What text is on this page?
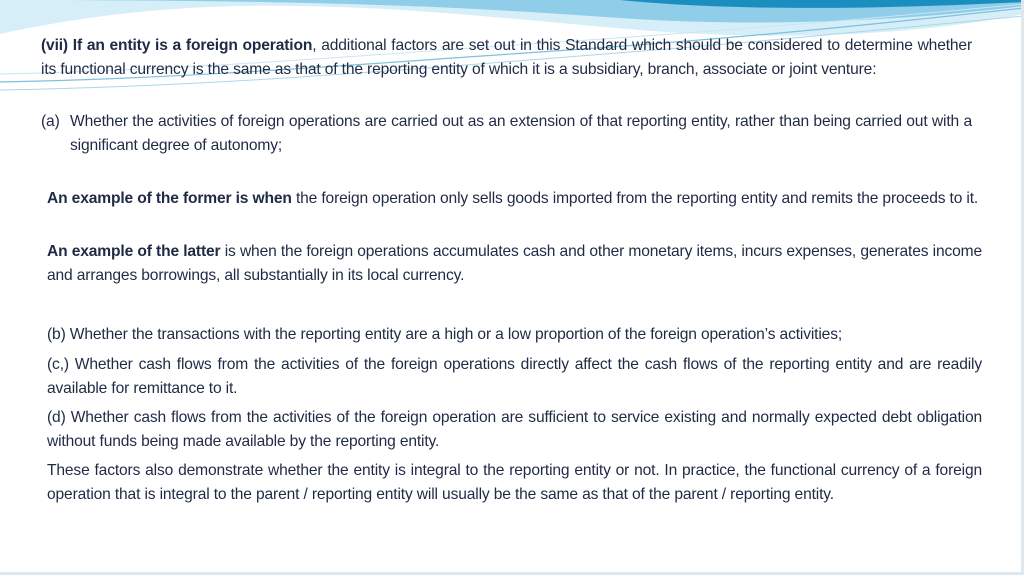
(vii) If an entity is a foreign operation, additional factors are set out in this Standard which should be considered to determine whether its functional currency is the same as that of the reporting entity of which it is a subsidiary, branch, associate or joint venture:

(a) Whether the activities of foreign operations are carried out as an extension of that reporting entity, rather than being carried out with a significant degree of autonomy;

An example of the former is when the foreign operation only sells goods imported from the reporting entity and remits the proceeds to it.

An example of the latter is when the foreign operations accumulates cash and other monetary items, incurs expenses, generates income and arranges borrowings, all substantially in its local currency.

(b) Whether the transactions with the reporting entity are a high or a low proportion of the foreign operation’s activities;

(c,) Whether cash flows from the activities of the foreign operations directly affect the cash flows of the reporting entity and are readily available for remittance to it.

(d) Whether cash flows from the activities of the foreign operation are sufficient to service existing and normally expected debt obligation without funds being made available by the reporting entity.

These factors also demonstrate whether the entity is integral to the reporting entity or not. In practice, the functional currency of a foreign operation that is integral to the parent / reporting entity will usually be the same as that of the parent / reporting entity.
